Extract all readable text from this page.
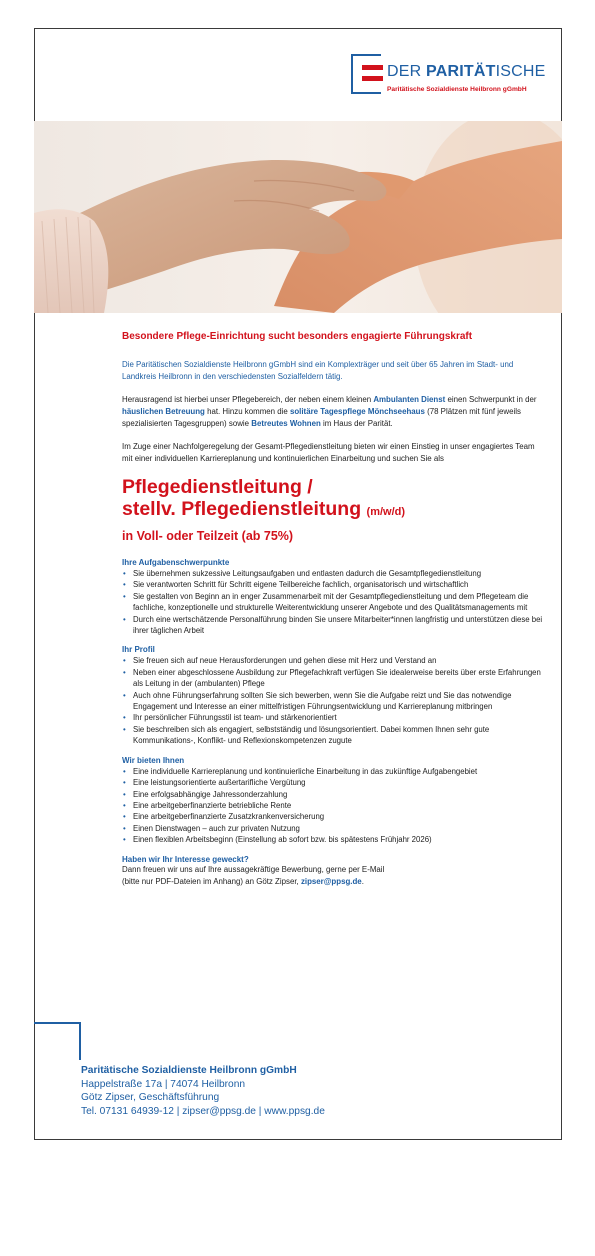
DER PARITÄTISCHE
Paritätische Sozialdienste Heilbronn gGmbH
Besondere Pflege-Einrichtung sucht besonders engagierte Führungskraft

Die Paritätischen Sozialdienste Heilbronn gGmbH sind ein Komplexträger und seit über 65 Jahren im Stadt- und Landkreis Heilbronn in den verschiedensten Sozialfeldern tätig.

Herausragend ist hierbei unser Pflegebereich, der neben einem kleinen Ambulanten Dienst einen Schwerpunkt in der häuslichen Betreuung hat. Hinzu kommen die solitäre Tagespflege Mönchseehaus (78 Plätzen mit fünf jeweils spezialisierten Tagesgruppen) sowie Betreutes Wohnen im Haus der Parität.

Im Zuge einer Nachfolgeregelung der Gesamt-Pflegedienstleitung bieten wir einen Einstieg in unser engagiertes Team mit einer individuellen Karriereplanung und kontinuierlichen Einarbeitung und suchen Sie als

Pflegedienstleitung /
stellv. Pflegedienstleitung (m/w/d)
in Voll- oder Teilzeit (ab 75%)
Ihre Aufgabenschwerpunkte
• Sie übernehmen sukzessive Leitungsaufgaben und entlasten dadurch die Gesamtpflegedienstleitung
• Sie verantworten Schritt für Schritt eigene Teilbereiche fachlich, organisatorisch und wirtschaftlich
• Sie gestalten von Beginn an in enger Zusammenarbeit mit der Gesamtpflegedienstleitung und dem Pflegeteam die fachliche, konzeptionelle und strukturelle Weiterentwicklung unserer Angebote und des Qualitätsmanagements mit
• Durch eine wertschätzende Personalführung binden Sie unsere Mitarbeiter*innen langfristig und unterstützen diese bei ihrer täglichen Arbeit
Ihr Profil
• Sie freuen sich auf neue Herausforderungen und gehen diese mit Herz und Verstand an
• Neben einer abgeschlossene Ausbildung zur Pflegefachkraft verfügen Sie idealerweise bereits über erste Erfahrungen als Leitung in der (ambulanten) Pflege
• Auch ohne Führungserfahrung sollten Sie sich bewerben, wenn Sie die Aufgabe reizt und Sie das notwendige Engagement und Interesse an einer mittelfristigen Führungsentwicklung und Karriereplanung mitbringen
• Ihr persönlicher Führungsstil ist team- und stärkenorientiert
• Sie beschreiben sich als engagiert, selbstständig und lösungsorientiert. Dabei kommen Ihnen sehr gute Kommunikations-, Konflikt- und Reflexionskompetenzen zugute
Wir bieten Ihnen
• Eine individuelle Karriereplanung und kontinuierliche Einarbeitung in das zukünftige Aufgabengebiet
• Eine leistungsorientierte außertarifliche Vergütung
• Eine erfolgsabhängige Jahressonderzahlung
• Eine arbeitgeberfinanzierte betriebliche Rente
• Eine arbeitgeberfinanzierte Zusatzkrankenversicherung
• Einen Dienstwagen – auch zur privaten Nutzung
• Einen flexiblen Arbeitsbeginn (Einstellung ab sofort bzw. bis spätestens Frühjahr 2026)
Haben wir Ihr Interesse geweckt?
Dann freuen wir uns auf Ihre aussagekräftige Bewerbung, gerne per E-Mail
(bitte nur PDF-Dateien im Anhang) an Götz Zipser, zipser@ppsg.de.
Paritätische Sozialdienste Heilbronn gGmbH
Happelstraße 17a | 74074 Heilbronn
Götz Zipser, Geschäftsführung
Tel. 07131 64939-12 | zipser@ppsg.de | www.ppsg.de
